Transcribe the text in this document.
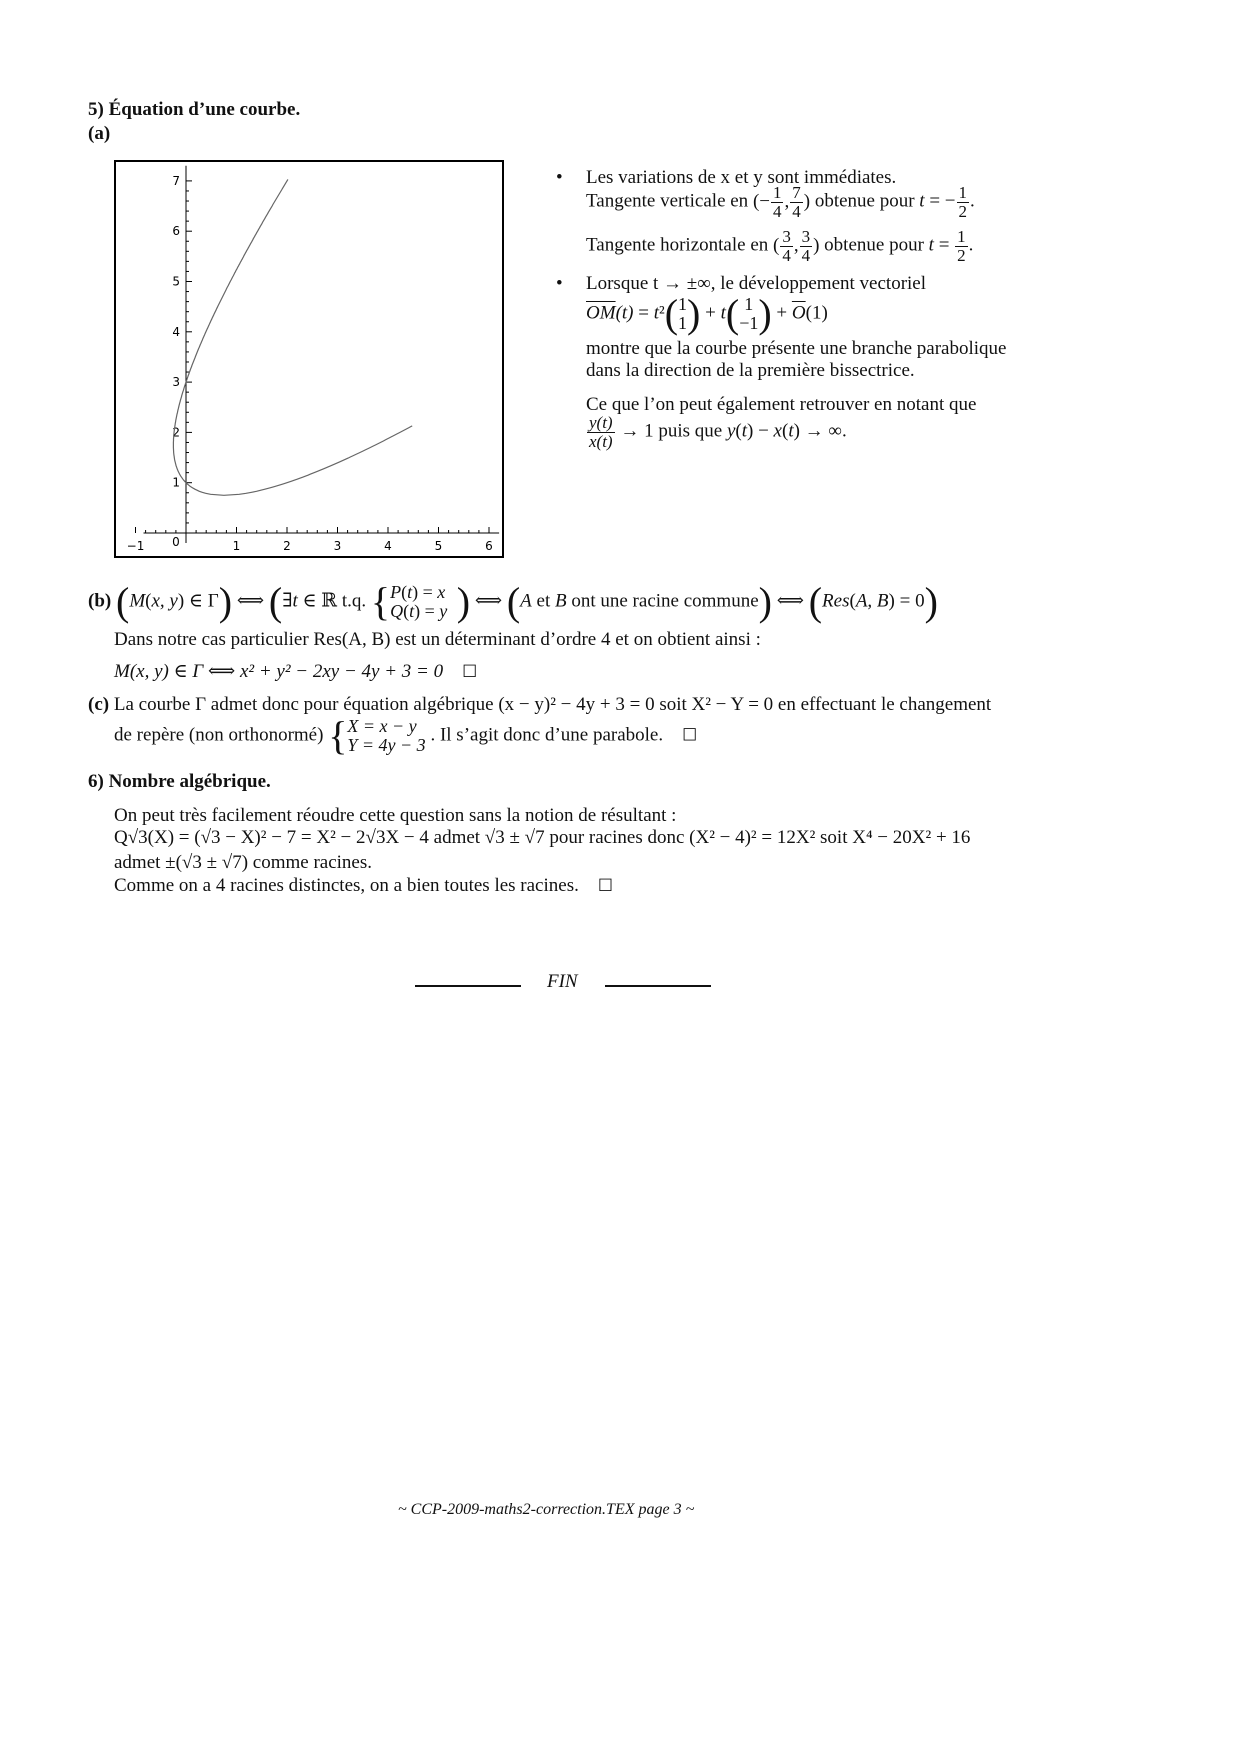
5) Équation d’une courbe.
(a)
−1 0	1	2	3	4	5	6
1
2
3
4
5
6
7	• Les variations de x et y sont immédiates.
Tangente verticale en (− $\frac{1}{4}$ , $\frac{7}{4}$ ) obtenue pour t = − $\frac{1}{2}$ .
Tangente horizontale en ( $\frac{3}{4}$ , $\frac{3}{4}$ ) obtenue pour $t = \frac{1}{2}$ .
• Lorsque t → ±∞, le développement vectoriel
$\overline{OM}(t) = t^2$( 1
1 ) + t( 1
−1 ) + $\overline{O}(1)$
montre que la courbe présente une branche parabolique
dans la direction de la première bissectrice.
Ce que l’on peut également retrouver en notant que
$\frac{y(t)}{x(t)} \to 1$ puis que y(t) − x(t) → ∞.
(b) (M(x, y) ∈ Γ) ⟺ (∃t ∈ ℝ t.q. { P(t) = x
Q(t) = y ) ⟺ (A et B ont une racine commune) ⟺ (Res(A, B) = 0)
Dans notre cas particulier Res(A, B) est un déterminant d’ordre 4 et on obtient ainsi :
M(x, y) ∈ Γ ⟺ x² + y² − 2xy − 4y + 3 = 0 ☐
(c) La courbe Γ admet donc pour équation algébrique (x − y)² − 4y + 3 = 0 soit X² − Y = 0 en effectuant le changement
de repère (non orthonormé) { X = x − y
Y = 4y − 3 . Il s’agit donc d’une parabole. ☐
6) Nombre algébrique.
On peut très facilement réoudre cette question sans la notion de résultant :
Q√3(X) = (√3 − X)² − 7 = X² − 2√3X − 4 admet √3 ± √7 pour racines donc (X² − 4)² = 12X² soit X⁴ − 20X² + 16
admet ±(√3 ± √7) comme racines.
Comme on a 4 racines distinctes, on a bien toutes les racines. ☐
FIN
~ CCP-2009-maths2-correction.TEX page 3 ~
